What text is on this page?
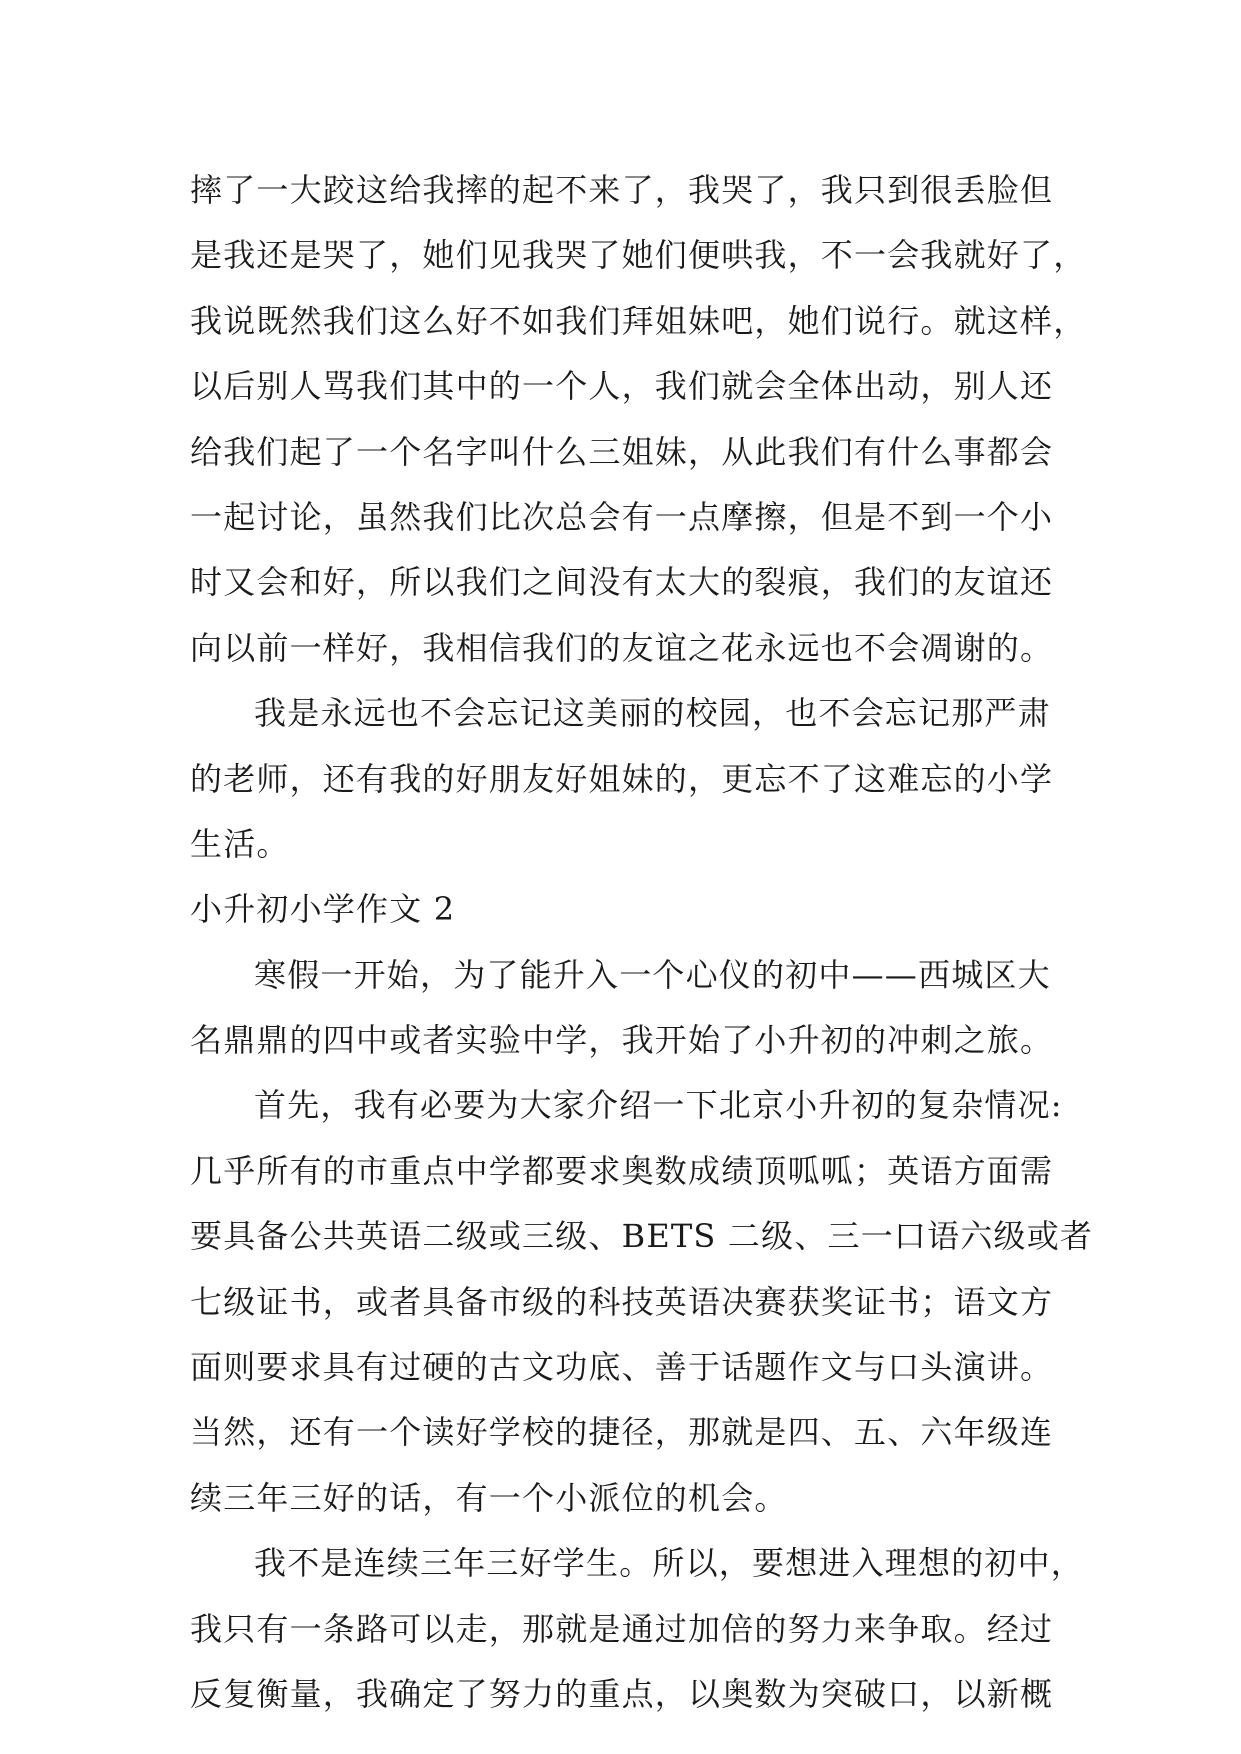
摔了一大跤这给我摔的起不来了，我哭了，我只到很丢脸但

是我还是哭了，她们见我哭了她们便哄我，不一会我就好了，

我说既然我们这么好不如我们拜姐妹吧，她们说行。就这样，

以后别人骂我们其中的一个人，我们就会全体出动，别人还

给我们起了一个名字叫什么三姐妹，从此我们有什么事都会

一起讨论，虽然我们比次总会有一点摩擦，但是不到一个小

时又会和好，所以我们之间没有太大的裂痕，我们的友谊还

向以前一样好，我相信我们的友谊之花永远也不会凋谢的。

我是永远也不会忘记这美丽的校园，也不会忘记那严肃

的老师，还有我的好朋友好姐妹的，更忘不了这难忘的小学

生活。

小升初小学作文 2

寒假一开始，为了能升入一个心仪的初中——西城区大

名鼎鼎的四中或者实验中学，我开始了小升初的冲刺之旅。

首先，我有必要为大家介绍一下北京小升初的复杂情况:

几乎所有的市重点中学都要求奥数成绩顶呱呱；英语方面需

要具备公共英语二级或三级、BETS 二级、三一口语六级或者

七级证书，或者具备市级的科技英语决赛获奖证书；语文方

面则要求具有过硬的古文功底、善于话题作文与口头演讲。

当然，还有一个读好学校的捷径，那就是四、五、六年级连

续三年三好的话，有一个小派位的机会。

我不是连续三年三好学生。所以，要想进入理想的初中，

我只有一条路可以走，那就是通过加倍的努力来争取。经过

反复衡量，我确定了努力的重点，以奥数为突破口，以新概
